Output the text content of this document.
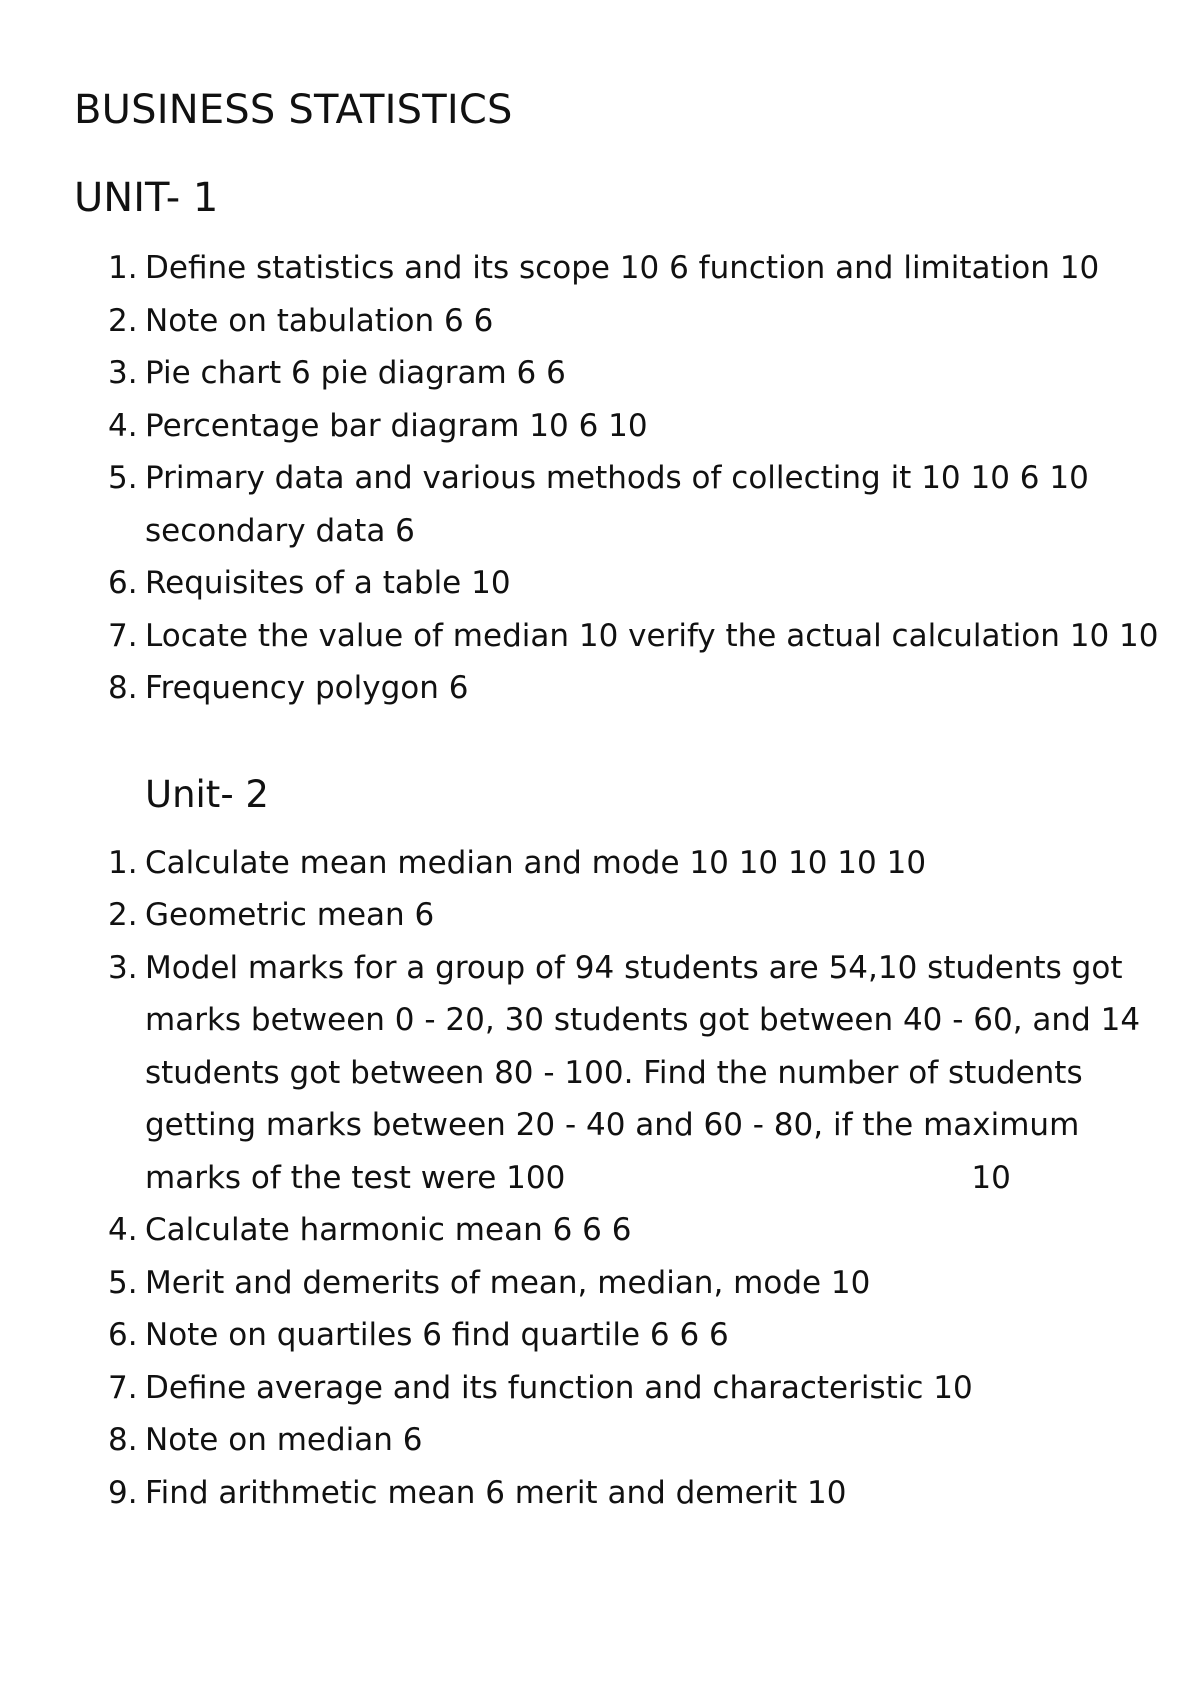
BUSINESS STATISTICS
UNIT- 1
1. Define statistics and its scope 10 6 function and limitation 10
2. Note on tabulation 6 6
3. Pie chart 6 pie diagram 6 6
4. Percentage bar diagram 10 6 10
5. Primary data and various methods of collecting it 10 10 6 10
secondary data 6
6. Requisites of a table 10
7. Locate the value of median 10 verify the actual calculation 10 10
8. Frequency polygon 6
Unit- 2
1. Calculate mean median and mode 10 10 10 10 10
2. Geometric mean 6
3. Model marks for a group of 94 students are 54,10 students got
marks between 0 - 20, 30 students got between 40 - 60, and 14
students got between 80 - 100. Find the number of students
getting marks between 20 - 40 and 60 - 80, if the maximum
marks of the test were 100	10
4. Calculate harmonic mean 6 6 6
5. Merit and demerits of mean, median, mode 10
6. Note on quartiles 6 find quartile 6 6 6
7. Define average and its function and characteristic 10
8. Note on median 6
9. Find arithmetic mean 6 merit and demerit 10
